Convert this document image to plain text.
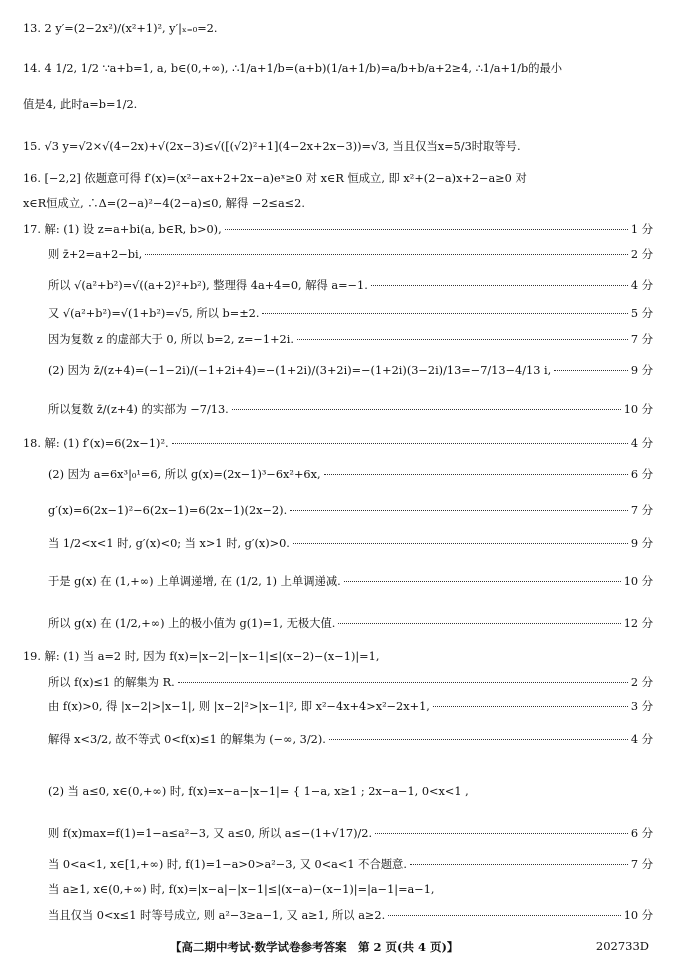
13. 2 y′=(2−2x²)/(x²+1)², y′|ₓ₌₀=2.
14. 4 1/2, 1/2 ∵a+b=1, a, b∈(0,+∞), ∴1/a+1/b=(a+b)(1/a+1/b)=a/b+b/a+2≥4, ∴1/a+1/b的最小
值是4, 此时a=b=1/2.
15. √3 y=√2×√(4−2x)+√(2x−3)≤√([(√2)²+1](4−2x+2x−3))=√3, 当且仅当x=5/3时取等号.
16. [−2,2] 依题意可得 f′(x)=(x²−ax+2+2x−a)eˣ≥0 对 x∈R 恒成立, 即 x²+(2−a)x+2−a≥0 对
x∈R恒成立, ∴Δ=(2−a)²−4(2−a)≤0, 解得 −2≤a≤2.
17. 解: (1) 设 z=a+bi(a, b∈R, b>0),	1 分
则 z̄+2=a+2−bi,	2 分
所以 √(a²+b²)=√((a+2)²+b²), 整理得 4a+4=0, 解得 a=−1.	4 分
又 √(a²+b²)=√(1+b²)=√5, 所以 b=±2.	5 分
因为复数 z 的虚部大于 0, 所以 b=2, z=−1+2i.	7 分
(2) 因为 z̄/(z+4)=(−1−2i)/(−1+2i+4)=−(1+2i)/(3+2i)=−(1+2i)(3−2i)/13=−7/13−4/13 i,	9 分
所以复数 z̄/(z+4) 的实部为 −7/13.	10 分
18. 解: (1) f′(x)=6(2x−1)².	4 分
(2) 因为 a=6x³|₀¹=6, 所以 g(x)=(2x−1)³−6x²+6x,	6 分
g′(x)=6(2x−1)²−6(2x−1)=6(2x−1)(2x−2).	7 分
当 1/2<x<1 时, g′(x)<0; 当 x>1 时, g′(x)>0.	9 分
于是 g(x) 在 (1,+∞) 上单调递增, 在 (1/2, 1) 上单调递减.	10 分
所以 g(x) 在 (1/2,+∞) 上的极小值为 g(1)=1, 无极大值.	12 分
19. 解: (1) 当 a=2 时, 因为 f(x)=|x−2|−|x−1|≤|(x−2)−(x−1)|=1,
所以 f(x)≤1 的解集为 R.	2 分
由 f(x)>0, 得 |x−2|>|x−1|, 则 |x−2|²>|x−1|², 即 x²−4x+4>x²−2x+1,	3 分
解得 x<3/2, 故不等式 0<f(x)≤1 的解集为 (−∞, 3/2).	4 分
(2) 当 a≤0, x∈(0,+∞) 时, f(x)=x−a−|x−1|= { 1−a, x≥1 ; 2x−a−1, 0<x<1 ,
则 f(x)max=f(1)=1−a≤a²−3, 又 a≤0, 所以 a≤−(1+√17)/2.	6 分
当 0<a<1, x∈[1,+∞) 时, f(1)=1−a>0>a²−3, 又 0<a<1 不合题意.	7 分
当 a≥1, x∈(0,+∞) 时, f(x)=|x−a|−|x−1|≤|(x−a)−(x−1)|=|a−1|=a−1,
当且仅当 0<x≤1 时等号成立, 则 a²−3≥a−1, 又 a≥1, 所以 a≥2.	10 分
【高二期中考试·数学试卷参考答案　第 2 页(共 4 页)】	202733D
